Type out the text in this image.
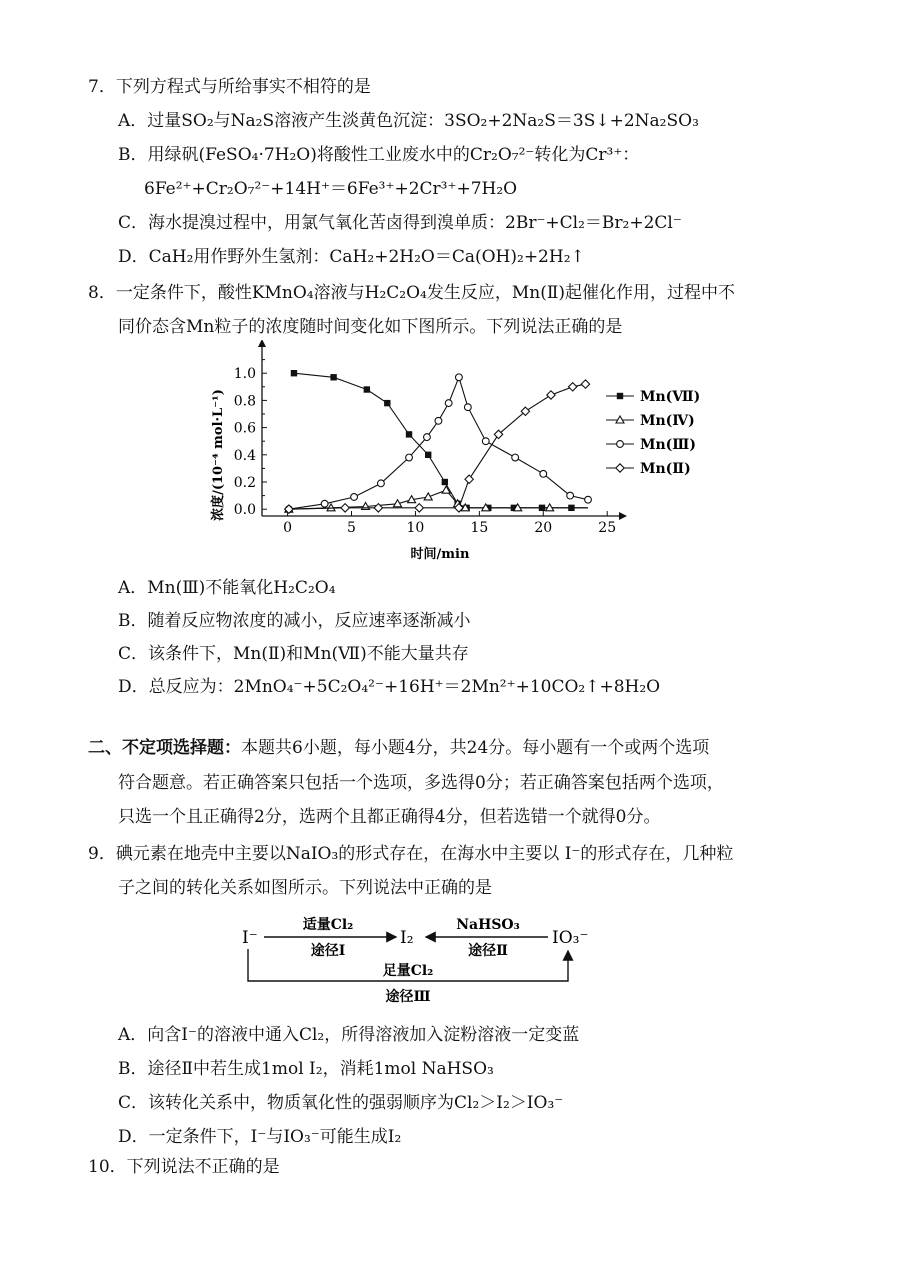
7．下列方程式与所给事实不相符的是
A．过量SO₂与Na₂S溶液产生淡黄色沉淀：3SO₂+2Na₂S＝3S↓+2Na₂SO₃
B．用绿矾(FeSO₄·7H₂O)将酸性工业废水中的Cr₂O₇²⁻转化为Cr³⁺：
6Fe²⁺+Cr₂O₇²⁻+14H⁺＝6Fe³⁺+2Cr³⁺+7H₂O
C．海水提溴过程中，用氯气氧化苦卤得到溴单质：2Br⁻+Cl₂＝Br₂+2Cl⁻
D．CaH₂用作野外生氢剂：CaH₂+2H₂O＝Ca(OH)₂+2H₂↑
8．一定条件下，酸性KMnO₄溶液与H₂C₂O₄发生反应，Mn(Ⅱ)起催化作用，过程中不
同价态含Mn粒子的浓度随时间变化如下图所示。下列说法正确的是
0	5	10	15	20	25
0.0
0.2
0.4
0.6
0.8
1.0
Mn(Ⅶ)
Mn(Ⅳ)
Mn(Ⅲ)
Mn(Ⅱ)
浓度/(10⁻⁴ mol·L⁻¹)
时间/min
A．Mn(Ⅲ)不能氧化H₂C₂O₄
B．随着反应物浓度的减小，反应速率逐渐减小
C．该条件下，Mn(Ⅱ)和Mn(Ⅶ)不能大量共存
D．总反应为：2MnO₄⁻+5C₂O₄²⁻+16H⁺＝2Mn²⁺+10CO₂↑+8H₂O
二、不定项选择题：本题共6小题，每小题4分，共24分。每小题有一个或两个选项
符合题意。若正确答案只包括一个选项，多选得0分；若正确答案包括两个选项，
只选一个且正确得2分，选两个且都正确得4分，但若选错一个就得0分。
9．碘元素在地壳中主要以NaIO₃的形式存在，在海水中主要以 I⁻的形式存在，几种粒
子之间的转化关系如图所示。下列说法中正确的是
I⁻	I₂	IO₃⁻
适量Cl₂
途径Ⅰ
NaHSO₃
途径Ⅱ
足量Cl₂
途径Ⅲ
A．向含I⁻的溶液中通入Cl₂，所得溶液加入淀粉溶液一定变蓝
B．途径Ⅱ中若生成1mol I₂，消耗1mol NaHSO₃
C．该转化关系中，物质氧化性的强弱顺序为Cl₂＞I₂＞IO₃⁻
D．一定条件下，I⁻与IO₃⁻可能生成I₂
10．下列说法不正确的是
